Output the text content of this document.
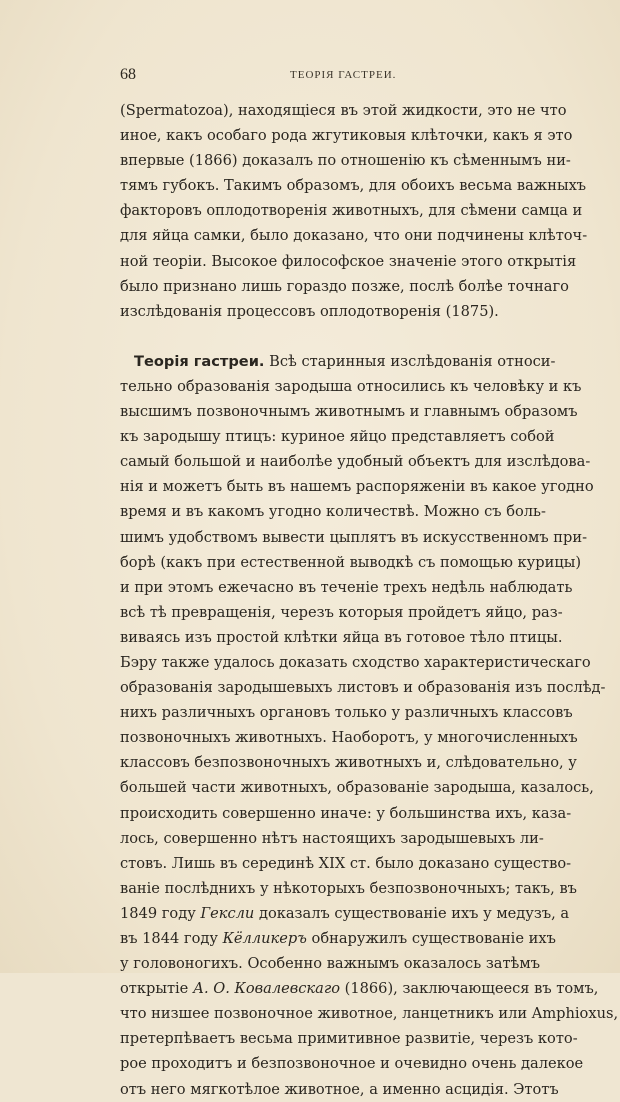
68	ТЕОРІЯ ГАСТРЕИ.
(Spermatozoa), находящіеся въ этой жидкости, это не что
иное, какъ особаго рода жгутиковыя клѣточки, какъ я это
впервые (1866) доказалъ по отношенію къ сѣменнымъ ни-
тямъ губокъ. Такимъ образомъ, для обоихъ весьма важныхъ
факторовъ оплодотворенія животныхъ, для сѣмени самца и
для яйца самки, было доказано, что они подчинены клѣточ-
ной теоріи. Высокое философское значеніе этого открытія
было признано лишь гораздо позже, послѣ болѣе точнаго
изслѣдованія процессовъ оплодотворенія (1875).
Теорія гастреи. Всѣ старинныя изслѣдованія относи-
тельно образованія зародыша относились къ человѣку и къ
высшимъ позвоночнымъ животнымъ и главнымъ образомъ
къ зародышу птицъ: куриное яйцо представляетъ собой
самый большой и наиболѣе удобный объектъ для изслѣдова-
нія и можетъ быть въ нашемъ распоряженіи въ какое угодно
время и въ какомъ угодно количествѣ. Можно съ боль-
шимъ удобствомъ вывести цыплятъ въ искусственномъ при-
борѣ (какъ при естественной выводкѣ съ помощью курицы)
и при этомъ ежечасно въ теченіе трехъ недѣль наблюдать
всѣ тѣ превращенія, черезъ которыя пройдетъ яйцо, раз-
виваясь изъ простой клѣтки яйца въ готовое тѣло птицы.
Бэру также удалось доказать сходство характеристическаго
образованія зародышевыхъ листовъ и образованія изъ послѣд-
нихъ различныхъ органовъ только у различныхъ классовъ
позвоночныхъ животныхъ. Наоборотъ, у многочисленныхъ
классовъ безпозвоночныхъ животныхъ и, слѣдовательно, у
большей части животныхъ, образованіе зародыша, казалось,
происходить совершенно иначе: у большинства ихъ, каза-
лось, совершенно нѣтъ настоящихъ зародышевыхъ ли-
стовъ. Лишь въ серединѣ XIX ст. было доказано существо-
ваніе послѣднихъ у нѣкоторыхъ безпозвоночныхъ; такъ, въ
1849 году Гексли доказалъ существованіе ихъ у медузъ, а
въ 1844 году Кёлликеръ обнаружилъ существованіе ихъ
у головоногихъ. Особенно важнымъ оказалось затѣмъ
открытіе А. О. Ковалевскаго (1866), заключающееся въ томъ,
что низшее позвоночное животное, ланцетникъ или Amphioxus,
претерпѣваетъ весьма примитивное развитіе, черезъ кото-
рое проходитъ и безпозвоночное и очевидно очень далекое
отъ него мягкотѣлое животное, а именно асцидія. Этотъ
